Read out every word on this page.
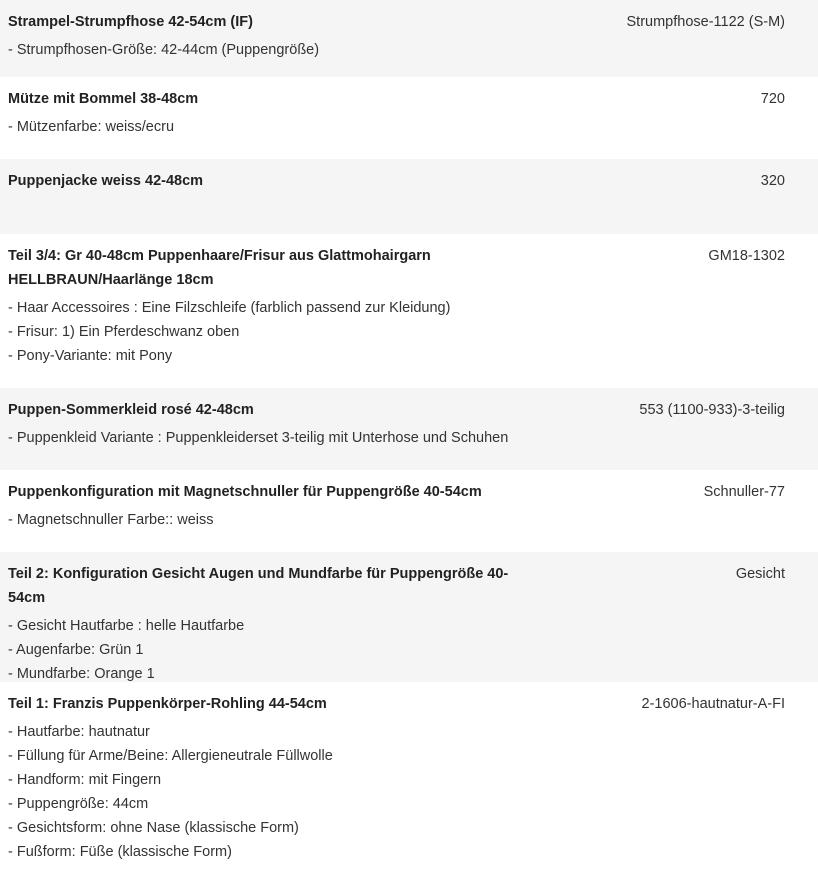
Strampel-Strumpfhose 42-54cm (IF)
- Strumpfhosen-Größe: 42-44cm (Puppengröße)
Strumpfhose-1122 (S-M)
Mütze mit Bommel 38-48cm
- Mützenfarbe: weiss/ecru
720
Puppenjacke weiss 42-48cm	320
Teil 3/4: Gr 40-48cm Puppenhaare/Frisur aus Glattmohairgarn HELLBRAUN/Haarlänge 18cm
- Haar Accessoires : Eine Filzschleife (farblich passend zur Kleidung)
- Frisur: 1) Ein Pferdeschwanz oben
- Pony-Variante: mit Pony
GM18-1302
Puppen-Sommerkleid rosé 42-48cm
- Puppenkleid Variante : Puppenkleiderset 3-teilig mit Unterhose und Schuhen
553 (1100-933)-3-teilig
Puppenkonfiguration mit Magnetschnuller für Puppengröße 40-54cm
- Magnetschnuller Farbe:: weiss
Schnuller-77
Teil 2: Konfiguration Gesicht Augen und Mundfarbe für Puppengröße 40-54cm
- Gesicht Hautfarbe : helle Hautfarbe
- Augenfarbe: Grün 1
- Mundfarbe: Orange 1
Gesicht
Teil 1: Franzis Puppenkörper-Rohling 44-54cm
- Hautfarbe: hautnatur
- Füllung für Arme/Beine: Allergieneutrale Füllwolle
- Handform: mit Fingern
- Puppengröße: 44cm
- Gesichtsform: ohne Nase (klassische Form)
- Fußform: Füße (klassische Form)
2-1606-hautnatur-A-FI
